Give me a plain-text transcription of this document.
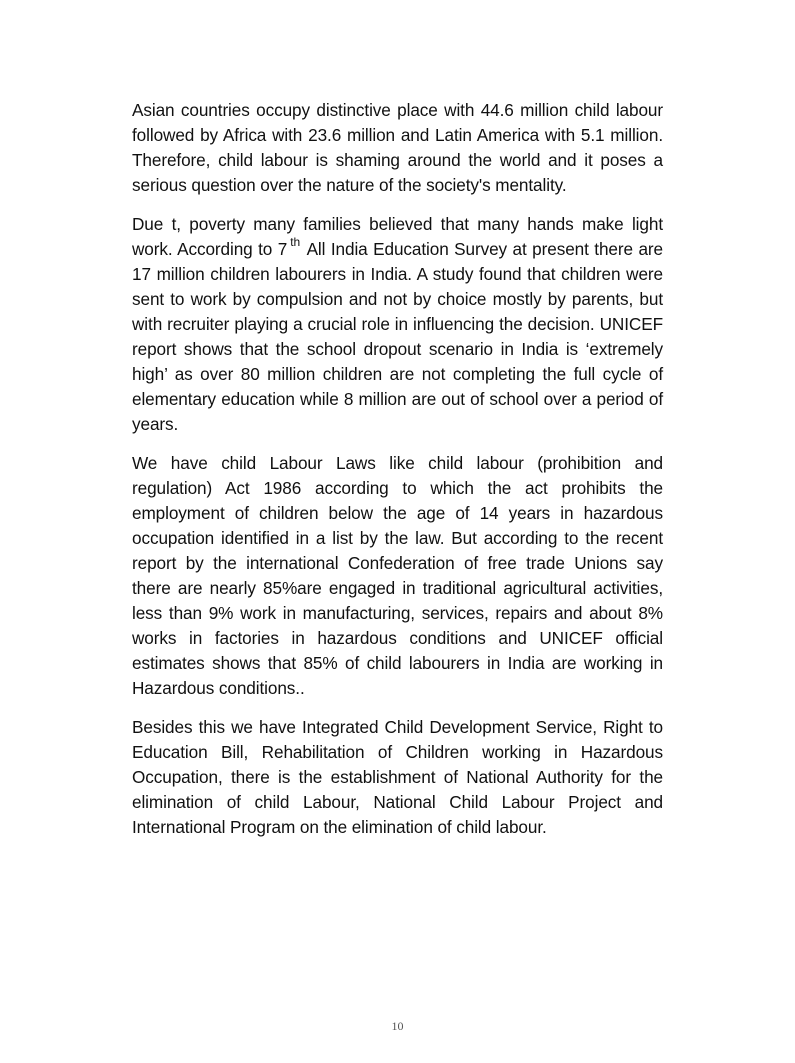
Asian countries occupy distinctive place with 44.6 million child labour followed by Africa with 23.6 million and Latin America with 5.1 million. Therefore, child labour is shaming around the world and it poses a serious question over the nature of the society's mentality.

Due t, poverty many families believed that many hands make light work. According to 7 $^{th}$ All India Education Survey at present there are 17 million children labourers in India. A study found that children were sent to work by compulsion and not by choice mostly by parents, but with recruiter playing a crucial role in influencing the decision. UNICEF report shows that the school dropout scenario in India is ‘extremely high’ as over 80 million children are not completing the full cycle of elementary education while 8 million are out of school over a period of years.

We have child Labour Laws like child labour (prohibition and regulation) Act 1986 according to which the act prohibits the employment of children below the age of 14 years in hazardous occupation identified in a list by the law. But according to the recent report by the international Confederation of free trade Unions say there are nearly 85%are engaged in traditional agricultural activities, less than 9% work in manufacturing, services, repairs and about 8% works in factories in hazardous conditions and UNICEF official estimates shows that 85% of child labourers in India are working in Hazardous conditions..

Besides this we have Integrated Child Development Service, Right to Education Bill, Rehabilitation of Children working in Hazardous Occupation, there is the establishment of National Authority for the elimination of child Labour, National Child Labour Project and International Program on the elimination of child labour.

10
